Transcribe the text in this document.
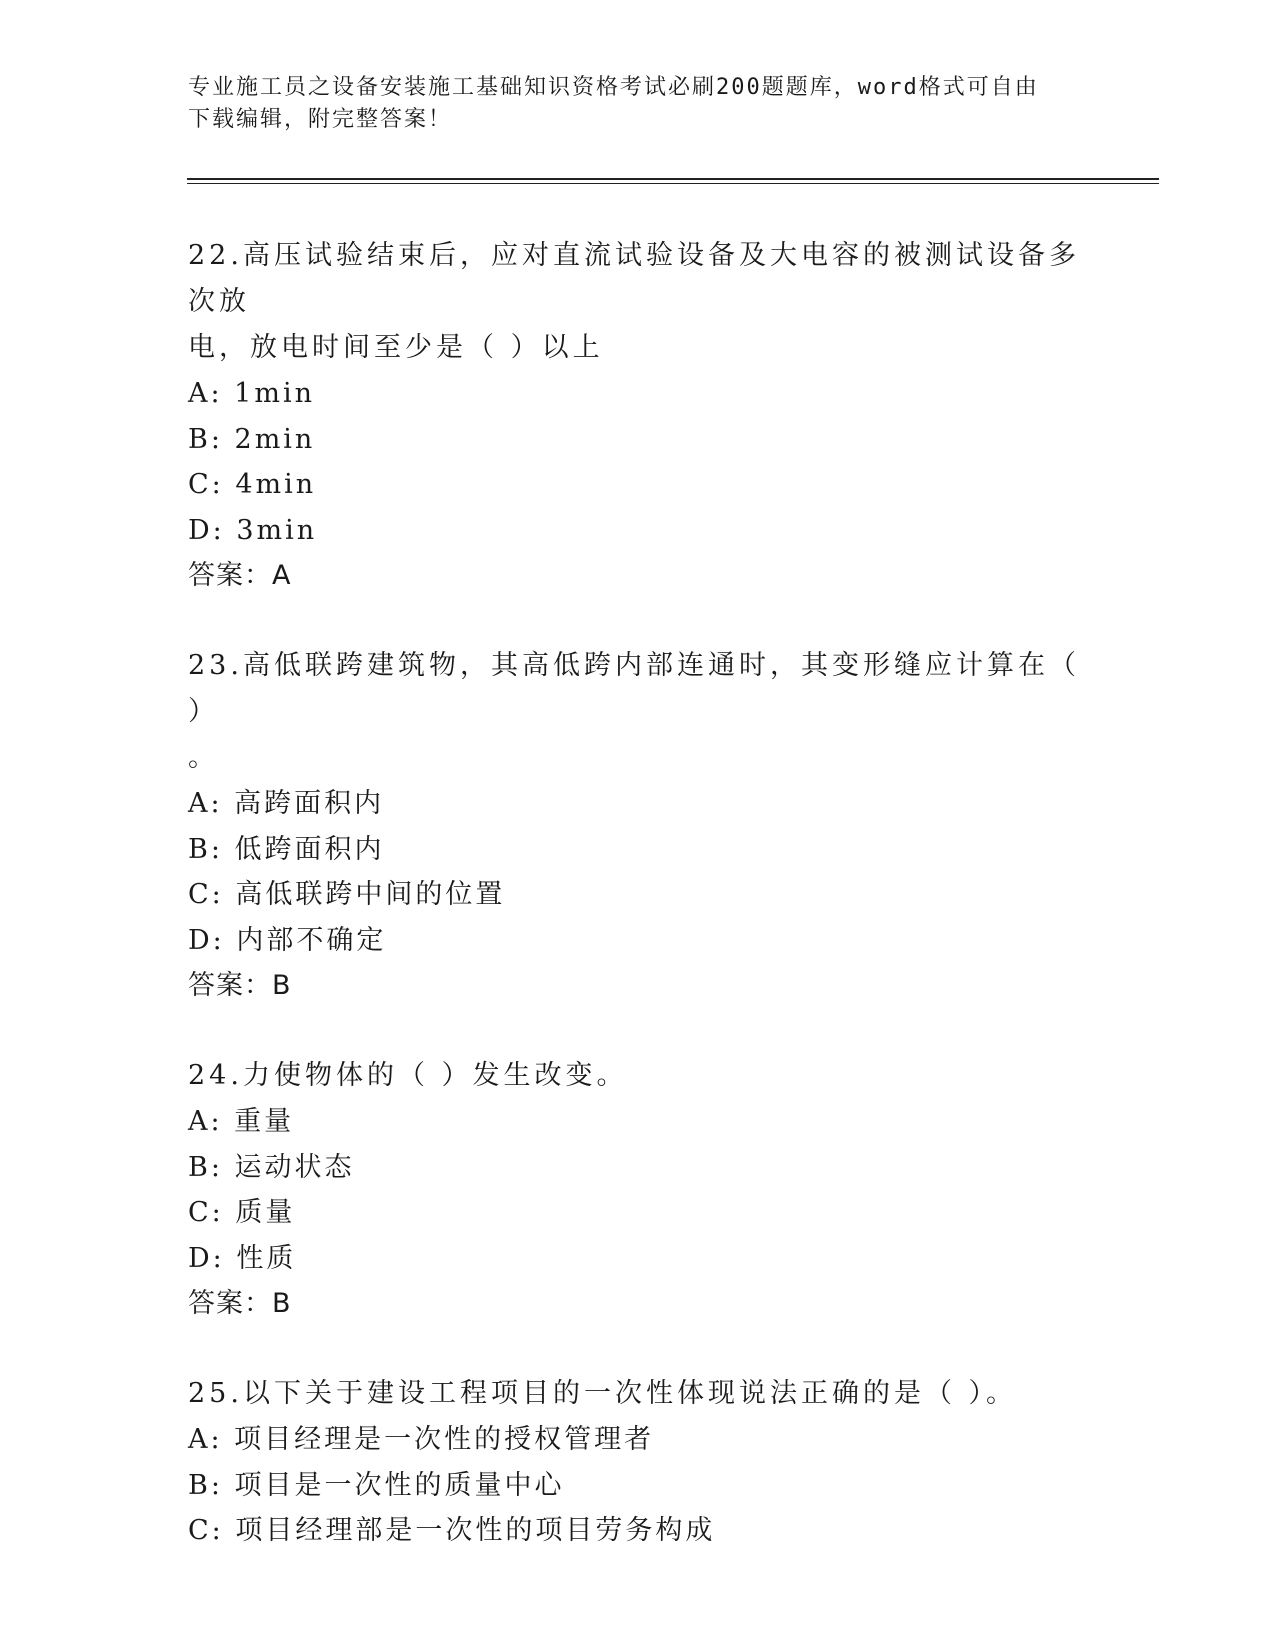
专业施工员之设备安装施工基础知识资格考试必刷200题题库，word格式可自由
下载编辑，附完整答案！

22.高压试验结束后，应对直流试验设备及大电容的被测试设备多次放

电，放电时间至少是（ ）以上

A: 1min

B: 2min

C: 4min

D: 3min

答案：A

23.高低联跨建筑物，其高低跨内部连通时，其变形缝应计算在（ ）

。

A: 高跨面积内

B: 低跨面积内

C: 高低联跨中间的位置

D: 内部不确定

答案：B

24.力使物体的（ ）发生改变。

A: 重量

B: 运动状态

C: 质量

D: 性质

答案：B

25.以下关于建设工程项目的一次性体现说法正确的是（ ）。

A: 项目经理是一次性的授权管理者

B: 项目是一次性的质量中心

C: 项目经理部是一次性的项目劳务构成
